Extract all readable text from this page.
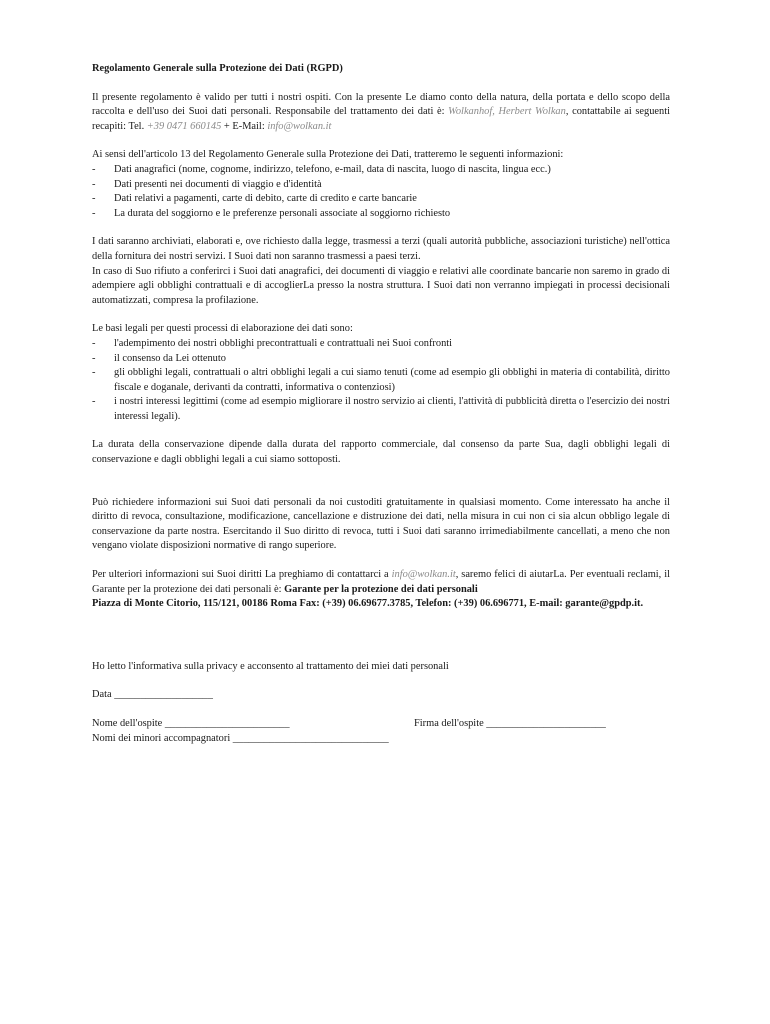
Regolamento Generale sulla Protezione dei Dati (RGPD)

Il presente regolamento è valido per tutti i nostri ospiti. Con la presente Le diamo conto della natura, della portata e dello scopo della raccolta e dell'uso dei Suoi dati personali. Responsabile del trattamento dei dati è: Wolkanhof, Herbert Wolkan, contattabile ai seguenti recapiti: Tel. +39 0471 660145 + E-Mail: info@wolkan.it

Ai sensi dell'articolo 13 del Regolamento Generale sulla Protezione dei Dati, tratteremo le seguenti informazioni:

- Dati anagrafici (nome, cognome, indirizzo, telefono, e-mail, data di nascita, luogo di nascita, lingua ecc.)
- Dati presenti nei documenti di viaggio e d'identità
- Dati relativi a pagamenti, carte di debito, carte di credito e carte bancarie
- La durata del soggiorno e le preferenze personali associate al soggiorno richiesto

I dati saranno archiviati, elaborati e, ove richiesto dalla legge, trasmessi a terzi (quali autorità pubbliche, associazioni turistiche) nell'ottica della fornitura dei nostri servizi. I Suoi dati non saranno trasmessi a paesi terzi.

In caso di Suo rifiuto a conferirci i Suoi dati anagrafici, dei documenti di viaggio e relativi alle coordinate bancarie non saremo in grado di adempiere agli obblighi contrattuali e di accoglierLa presso la nostra struttura. I Suoi dati non verranno impiegati in processi decisionali automatizzati, compresa la profilazione.

Le basi legali per questi processi di elaborazione dei dati sono:

- l'adempimento dei nostri obblighi precontrattuali e contrattuali nei Suoi confronti
- il consenso da Lei ottenuto
- gli obblighi legali, contrattuali o altri obblighi legali a cui siamo tenuti (come ad esempio gli obblighi in materia di contabilità, diritto fiscale e doganale, derivanti da contratti, informativa o contenziosi)
- i nostri interessi legittimi (come ad esempio migliorare il nostro servizio ai clienti, l'attività di pubblicità diretta o l'esercizio dei nostri interessi legali).

La durata della conservazione dipende dalla durata del rapporto commerciale, dal consenso da parte Sua, dagli obblighi legali di conservazione e dagli obblighi legali a cui siamo sottoposti.

Può richiedere informazioni sui Suoi dati personali da noi custoditi gratuitamente in qualsiasi momento. Come interessato ha anche il diritto di revoca, consultazione, modificazione, cancellazione e distruzione dei dati, nella misura in cui non ci sia alcun obbligo legale di conservazione da parte nostra. Esercitando il Suo diritto di revoca, tutti i Suoi dati saranno irrimediabilmente cancellati, a meno che non vengano violate disposizioni normative di rango superiore.

Per ulteriori informazioni sui Suoi diritti La preghiamo di contattarci a info@wolkan.it, saremo felici di aiutarLa. Per eventuali reclami, il Garante per la protezione dei dati personali è: Garante per la protezione dei dati personali

Piazza di Monte Citorio, 115/121, 00186 Roma Fax: (+39) 06.69677.3785, Telefon: (+39) 06.696771, E-mail: garante@gpdp.it.

Ho letto l'informativa sulla privacy e acconsento al trattamento dei miei dati personali

Data ___________________

Nome dell'ospite ________________________	Firma dell'ospite _______________________

Nomi dei minori accompagnatori ______________________________
